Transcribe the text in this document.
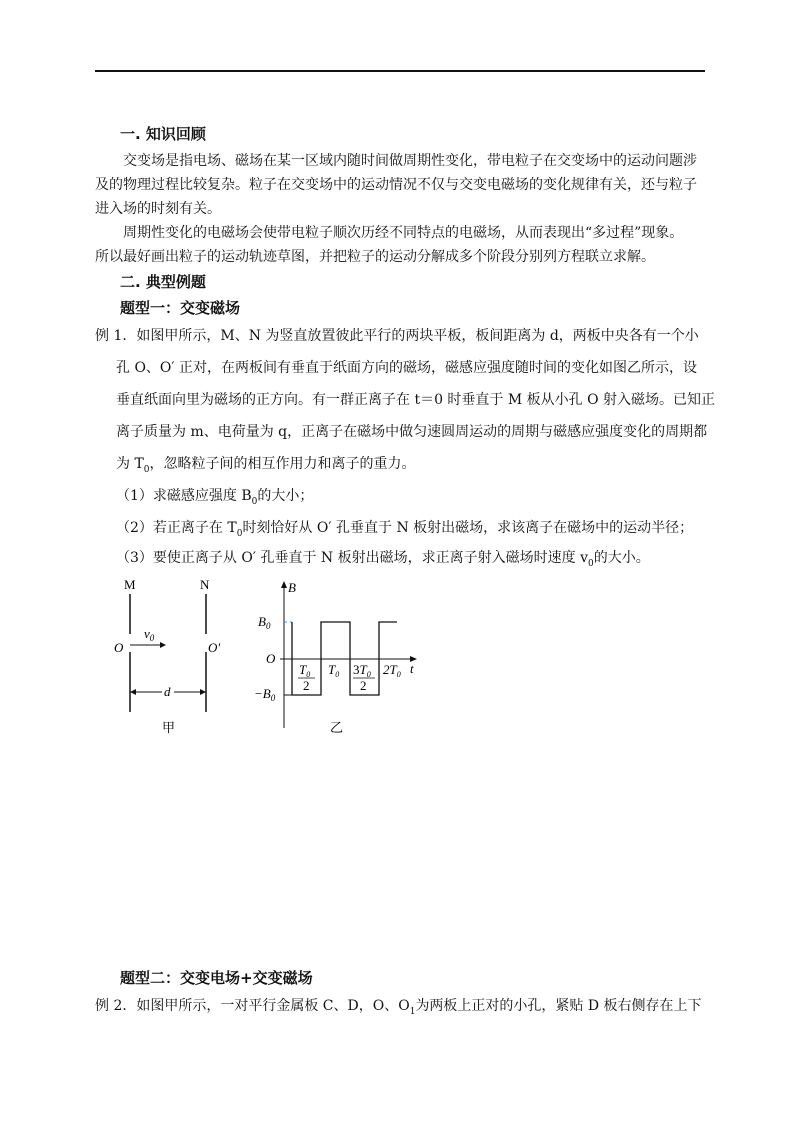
一. 知识回顾
交变场是指电场、磁场在某一区域内随时间做周期性变化，带电粒子在交变场中的运动问题涉
及的物理过程比较复杂。粒子在交变场中的运动情况不仅与交变电磁场的变化规律有关，还与粒子
进入场的时刻有关。
周期性变化的电磁场会使带电粒子顺次历经不同特点的电磁场，从而表现出“多过程”现象。
所以最好画出粒子的运动轨迹草图，并把粒子的运动分解成多个阶段分别列方程联立求解。
二. 典型例题
题型一：交变磁场
例 1．如图甲所示，M、N 为竖直放置彼此平行的两块平板，板间距离为 d，两板中央各有一个小
孔 O、O′ 正对，在两板间有垂直于纸面方向的磁场，磁感应强度随时间的变化如图乙所示，设
垂直纸面向里为磁场的正方向。有一群正离子在 t＝0 时垂直于 M 板从小孔 O 射入磁场。已知正
离子质量为 m、电荷量为 q，正离子在磁场中做匀速圆周运动的周期与磁感应强度变化的周期都
为 $T_0$，忽略粒子间的相互作用力和离子的重力。
（1）求磁感应强度 $B_0$的大小；
（2）若正离子在 $T_0$时刻恰好从 O′ 孔垂直于 N 板射出磁场，求该离子在磁场中的运动半径；
（3）要使正离子从 O′ 孔垂直于 N 板射出磁场，求正离子射入磁场时速度 $v_0$的大小。
M	N
O	O′
$v_0$
d
甲
B
t
O
$B_0$
$-B_0$
$T_0$
2
$T_0$ $3T_0$
2
$2T_0$
乙
题型二：交变电场+交变磁场
例 2．如图甲所示，一对平行金属板 C、D，O、$O_1$为两板上正对的小孔，紧贴 D 板右侧存在上下
